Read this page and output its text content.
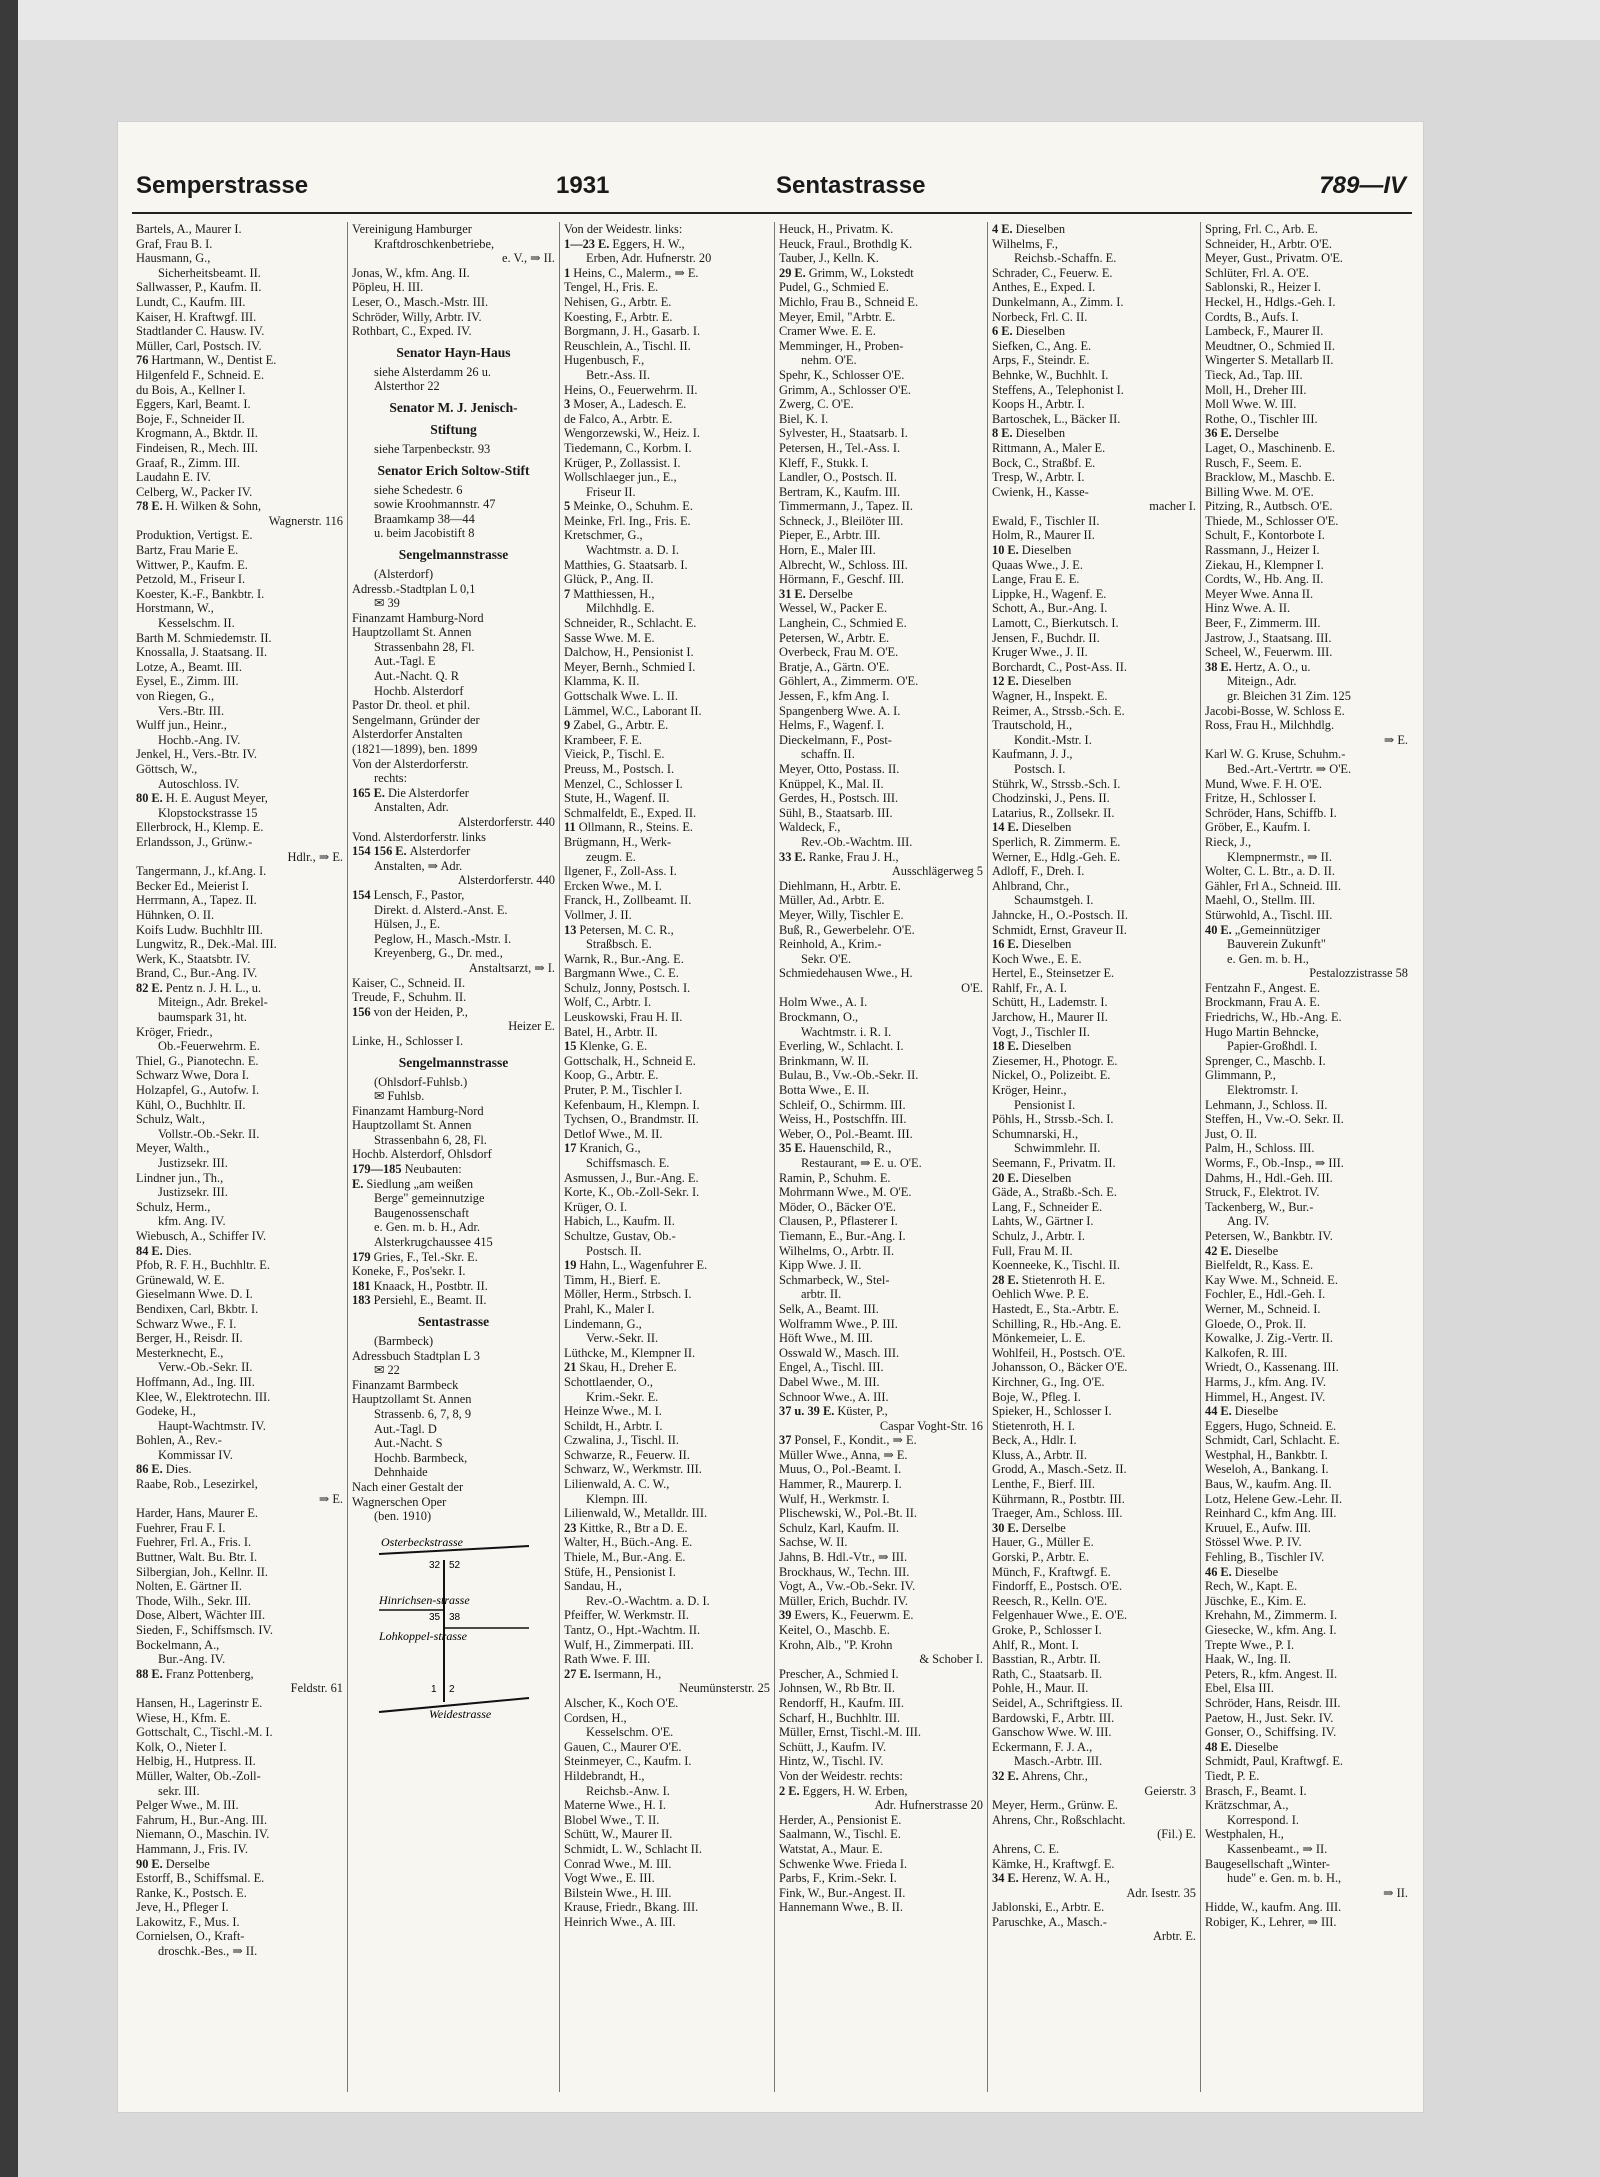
Semperstrasse	1931	Sentastrasse	789—IV
Bartels, A., Maurer I.
Graf, Frau B. I.
Hausmann, G.,
Sicherheitsbeamt. II.
Sallwasser, P., Kaufm. II.
Lundt, C., Kaufm. III.
Kaiser, H. Kraftwgf. III.
Stadtlander C. Hausw. IV.
Müller, Carl, Postsch. IV.
76 Hartmann, W., Dentist E.
Hilgenfeld F., Schneid. E.
du Bois, A., Kellner I.
Eggers, Karl, Beamt. I.
Boje, F., Schneider II.
Krogmann, A., Bktdr. II.
Findeisen, R., Mech. III.
Graaf, R., Zimm. III.
Laudahn E. IV.
Celberg, W., Packer IV.
78 E. H. Wilken & Sohn,
Wagnerstr. 116
Produktion, Vertigst. E.
Bartz, Frau Marie E.
Wittwer, P., Kaufm. E.
Petzold, M., Friseur I.
Koester, K.-F., Bankbtr. I.
Horstmann, W.,
Kesselschm. II.
Barth M. Schmiedemstr. II.
Knossalla, J. Staatsang. II.
Lotze, A., Beamt. III.
Eysel, E., Zimm. III.
von Riegen, G.,
Vers.-Btr. III.
Wulff jun., Heinr.,
Hochb.-Ang. IV.
Jenkel, H., Vers.-Btr. IV.
Göttsch, W.,
Autoschloss. IV.
80 E. H. E. August Meyer,
Klopstockstrasse 15
Ellerbrock, H., Klemp. E.
Erlandsson, J., Grünw.-
Hdlr., ⇒ E.
Tangermann, J., kf.Ang. I.
Becker Ed., Meierist I.
Herrmann, A., Tapez. II.
Hühnken, O. II.
Koifs Ludw. Buchhltr III.
Lungwitz, R., Dek.-Mal. III.
Werk, K., Staatsbtr. IV.
Brand, C., Bur.-Ang. IV.
82 E. Pentz n. J. H. L., u.
Miteign., Adr. Brekel-
baumspark 31, ht.
Kröger, Friedr.,
Ob.-Feuerwehrm. E.
Thiel, G., Pianotechn. E.
Schwarz Wwe, Dora I.
Holzapfel, G., Autofw. I.
Kühl, O., Buchhltr. II.
Schulz, Walt.,
Vollstr.-Ob.-Sekr. II.
Meyer, Walth.,
Justizsekr. III.
Lindner jun., Th.,
Justizsekr. III.
Schulz, Herm.,
kfm. Ang. IV.
Wiebusch, A., Schiffer IV.
84 E. Dies.
Pfob, R. F. H., Buchhltr. E.
Grünewald, W. E.
Gieselmann Wwe. D. I.
Bendixen, Carl, Bkbtr. I.
Schwarz Wwe., F. I.
Berger, H., Reisdr. II.
Mesterknecht, E.,
Verw.-Ob.-Sekr. II.
Hoffmann, Ad., Ing. III.
Klee, W., Elektrotechn. III.
Godeke, H.,
Haupt-Wachtmstr. IV.
Bohlen, A., Rev.-
Kommissar IV.
86 E. Dies.
Raabe, Rob., Lesezirkel,
⇒ E.
Harder, Hans, Maurer E.
Fuehrer, Frau F. I.
Fuehrer, Frl. A., Fris. I.
Buttner, Walt. Bu. Btr. I.
Silbergian, Joh., Kellnr. II.
Nolten, E. Gärtner II.
Thode, Wilh., Sekr. III.
Dose, Albert, Wächter III.
Sieden, F., Schiffsmsch. IV.
Bockelmann, A.,
Bur.-Ang. IV.
88 E. Franz Pottenberg,
Feldstr. 61
Hansen, H., Lagerinstr E.
Wiese, H., Kfm. E.
Gottschalt, C., Tischl.-M. I.
Kolk, O., Nieter I.
Helbig, H., Hutpress. II.
Müller, Walter, Ob.-Zoll-
sekr. III.
Pelger Wwe., M. III.
Fahrum, H., Bur.-Ang. III.
Niemann, O., Maschin. IV.
Hammann, J., Fris. IV.
90 E. Derselbe
Estorff, B., Schiffsmal. E.
Ranke, K., Postsch. E.
Jeve, H., Pfleger I.
Lakowitz, F., Mus. I.
Cornielsen, O., Kraft-
droschk.-Bes., ⇒ II.
Vereinigung Hamburger
Kraftdroschkenbetriebe,
e. V., ⇒ II.
Jonas, W., kfm. Ang. II.
Pöpleu, H. III.
Leser, O., Masch.-Mstr. III.
Schröder, Willy, Arbtr. IV.
Rothbart, C., Exped. IV.
Senator Hayn-Haus
siehe Alsterdamm 26 u.
Alsterthor 22
Senator M. J. Jenisch-
Stiftung
siehe Tarpenbeckstr. 93
Senator Erich Soltow-Stift
siehe Schedestr. 6
sowie Kroohmannstr. 47
Braamkamp 38—44
u. beim Jacobistift 8
Sengelmannstrasse
(Alsterdorf)
Adressb.-Stadtplan L 0,1
✉ 39
Finanzamt Hamburg-Nord
Hauptzollamt St. Annen
Strassenbahn 28, Fl.
Aut.-Tagl. E
Aut.-Nacht. Q. R
Hochb. Alsterdorf
Pastor Dr. theol. et phil.
Sengelmann, Gründer der
Alsterdorfer Anstalten
(1821—1899), ben. 1899
Von der Alsterdorferstr.
rechts:
165 E. Die Alsterdorfer
Anstalten, Adr.
Alsterdorferstr. 440
Vond. Alsterdorferstr. links
154 156 E. Alsterdorfer
Anstalten, ⇒ Adr.
Alsterdorferstr. 440
154 Lensch, F., Pastor,
Direkt. d. Alsterd.-Anst. E.
Hülsen, J., E.
Peglow, H., Masch.-Mstr. I.
Kreyenberg, G., Dr. med.,
Anstaltsarzt, ⇒ I.
Kaiser, C., Schneid. II.
Treude, F., Schuhm. II.
156 von der Heiden, P.,
Heizer E.
Linke, H., Schlosser I.
Sengelmannstrasse
(Ohlsdorf-Fuhlsb.)
✉ Fuhlsb.
Finanzamt Hamburg-Nord
Hauptzollamt St. Annen
Strassenbahn 6, 28, Fl.
Hochb. Alsterdorf, Ohlsdorf
179—185 Neubauten:
E. Siedlung „am weißen
Berge" gemeinnutzige
Baugenossenschaft
e. Gen. m. b. H., Adr.
Alsterkrugchaussee 415
179 Gries, F., Tel.-Skr. E.
Koneke, F., Pos'sekr. I.
181 Knaack, H., Postbtr. II.
183 Persiehl, E., Beamt. II.
Sentastrasse
(Barmbeck)
Adressbuch Stadtplan L 3
✉ 22
Finanzamt Barmbeck
Hauptzollamt St. Annen
Strassenb. 6, 7, 8, 9
Aut.-Tagl. D
Aut.-Nacht. S
Hochb. Barmbeck,
Dehnhaide
Nach einer Gestalt der
Wagnerschen Oper
(ben. 1910)
Osterbeckstrasse
Hinrichsen-strasse
Lohkoppel-strasse
Weidestrasse
32 52
35 38
1 2
Von der Weidestr. links:
1—23 E. Eggers, H. W.,
Erben, Adr. Hufnerstr. 20
1 Heins, C., Malerm., ⇒ E.
Tengel, H., Fris. E.
Nehisen, G., Arbtr. E.
Koesting, F., Arbtr. E.
Borgmann, J. H., Gasarb. I.
Reuschlein, A., Tischl. II.
Hugenbusch, F.,
Betr.-Ass. II.
Heins, O., Feuerwehrm. II.
3 Moser, A., Ladesch. E.
de Falco, A., Arbtr. E.
Wengorzewski, W., Heiz. I.
Tiedemann, C., Korbm. I.
Krüger, P., Zollassist. I.
Wollschlaeger jun., E.,
Friseur II.
5 Meinke, O., Schuhm. E.
Meinke, Frl. Ing., Fris. E.
Kretschmer, G.,
Wachtmstr. a. D. I.
Matthies, G. Staatsarb. I.
Glück, P., Ang. II.
7 Matthiessen, H.,
Milchhdlg. E.
Schneider, R., Schlacht. E.
Sasse Wwe. M. E.
Dalchow, H., Pensionist I.
Meyer, Bernh., Schmied I.
Klamma, K. II.
Gottschalk Wwe. L. II.
Lämmel, W.C., Laborant II.
9 Zabel, G., Arbtr. E.
Krambeer, F. E.
Vieick, P., Tischl. E.
Preuss, M., Postsch. I.
Menzel, C., Schlosser I.
Stute, H., Wagenf. II.
Schmalfeldt, E., Exped. II.
11 Ollmann, R., Steins. E.
Brügmann, H., Werk-
zeugm. E.
Ilgener, F., Zoll-Ass. I.
Ercken Wwe., M. I.
Franck, H., Zollbeamt. II.
Vollmer, J. II.
13 Petersen, M. C. R.,
Straßbsch. E.
Warnk, R., Bur.-Ang. E.
Bargmann Wwe., C. E.
Schulz, Jonny, Postsch. I.
Wolf, C., Arbtr. I.
Leuskowski, Frau H. II.
Batel, H., Arbtr. II.
15 Klenke, G. E.
Gottschalk, H., Schneid E.
Koop, G., Arbtr. E.
Pruter, P. M., Tischler I.
Kefenbaum, H., Klempn. I.
Tychsen, O., Brandmstr. II.
Detlof Wwe., M. II.
17 Kranich, G.,
Schiffsmasch. E.
Asmussen, J., Bur.-Ang. E.
Korte, K., Ob.-Zoll-Sekr. I.
Krüger, O. I.
Habich, L., Kaufm. II.
Schultze, Gustav, Ob.-
Postsch. II.
19 Hahn, L., Wagenfuhrer E.
Timm, H., Bierf. E.
Möller, Herm., Strbsch. I.
Prahl, K., Maler I.
Lindemann, G.,
Verw.-Sekr. II.
Lüthcke, M., Klempner II.
21 Skau, H., Dreher E.
Schottlaender, O.,
Krim.-Sekr. E.
Heinze Wwe., M. I.
Schildt, H., Arbtr. I.
Czwalina, J., Tischl. II.
Schwarze, R., Feuerw. II.
Schwarz, W., Werkmstr. III.
Lilienwald, A. C. W.,
Klempn. III.
Lilienwald, W., Metalldr. III.
23 Kittke, R., Btr a D. E.
Walter, H., Büch.-Ang. E.
Thiele, M., Bur.-Ang. E.
Stüfe, H., Pensionist I.
Sandau, H.,
Rev.-O.-Wachtm. a. D. I.
Pfeiffer, W. Werkmstr. II.
Tantz, O., Hpt.-Wachtm. II.
Wulf, H., Zimmerpati. III.
Rath Wwe. F. III.
27 E. Isermann, H.,
Neumünsterstr. 25
Alscher, K., Koch O'E.
Cordsen, H.,
Kesselschm. O'E.
Gauen, C., Maurer O'E.
Steinmeyer, C., Kaufm. I.
Hildebrandt, H.,
Reichsb.-Anw. I.
Materne Wwe., H. I.
Blobel Wwe., T. II.
Schütt, W., Maurer II.
Schmidt, L. W., Schlacht II.
Conrad Wwe., M. III.
Vogt Wwe., E. III.
Bilstein Wwe., H. III.
Krause, Friedr., Bkang. III.
Heinrich Wwe., A. III.
Heuck, H., Privatm. K.
Heuck, Fraul., Brothdlg K.
Tauber, J., Kelln. K.
29 E. Grimm, W., Lokstedt
Pudel, G., Schmied E.
Michlo, Frau B., Schneid E.
Meyer, Emil, "Arbtr. E.
Cramer Wwe. E. E.
Memminger, H., Proben-
nehm. O'E.
Spehr, K., Schlosser O'E.
Grimm, A., Schlosser O'E.
Zwerg, C. O'E.
Biel, K. I.
Sylvester, H., Staatsarb. I.
Petersen, H., Tel.-Ass. I.
Kleff, F., Stukk. I.
Landler, O., Postsch. II.
Bertram, K., Kaufm. III.
Timmermann, J., Tapez. II.
Schneck, J., Bleilöter III.
Pieper, E., Arbtr. III.
Horn, E., Maler III.
Albrecht, W., Schloss. III.
Hörmann, F., Geschf. III.
31 E. Derselbe
Wessel, W., Packer E.
Langhein, C., Schmied E.
Petersen, W., Arbtr. E.
Overbeck, Frau M. O'E.
Bratje, A., Gärtn. O'E.
Göhlert, A., Zimmerm. O'E.
Jessen, F., kfm Ang. I.
Spangenberg Wwe. A. I.
Helms, F., Wagenf. I.
Dieckelmann, F., Post-
schaffn. II.
Meyer, Otto, Postass. II.
Knüppel, K., Mal. II.
Gerdes, H., Postsch. III.
Sühl, B., Staatsarb. III.
Waldeck, F.,
Rev.-Ob.-Wachtm. III.
33 E. Ranke, Frau J. H.,
Ausschlägerweg 5
Diehlmann, H., Arbtr. E.
Müller, Ad., Arbtr. E.
Meyer, Willy, Tischler E.
Buß, R., Gewerbelehr. O'E.
Reinhold, A., Krim.-
Sekr. O'E.
Schmiedehausen Wwe., H.
O'E.
Holm Wwe., A. I.
Brockmann, O.,
Wachtmstr. i. R. I.
Everling, W., Schlacht. I.
Brinkmann, W. II.
Bulau, B., Vw.-Ob.-Sekr. II.
Botta Wwe., E. II.
Schleif, O., Schirmm. III.
Weiss, H., Postschffn. III.
Weber, O., Pol.-Beamt. III.
35 E. Hauenschild, R.,
Restaurant, ⇒ E. u. O'E.
Ramin, P., Schuhm. E.
Mohrmann Wwe., M. O'E.
Möder, O., Bäcker O'E.
Clausen, P., Pflasterer I.
Tiemann, E., Bur.-Ang. I.
Wilhelms, O., Arbtr. II.
Kipp Wwe. J. II.
Schmarbeck, W., Stel-
arbtr. II.
Selk, A., Beamt. III.
Wolframm Wwe., P. III.
Höft Wwe., M. III.
Osswald W., Masch. III.
Engel, A., Tischl. III.
Dabel Wwe., M. III.
Schnoor Wwe., A. III.
37 u. 39 E. Küster, P.,
Caspar Voght-Str. 16
37 Ponsel, F., Kondit., ⇒ E.
Müller Wwe., Anna, ⇒ E.
Muus, O., Pol.-Beamt. I.
Hammer, R., Maurerp. I.
Wulf, H., Werkmstr. I.
Plischewski, W., Pol.-Bt. II.
Schulz, Karl, Kaufm. II.
Sachse, W. II.
Jahns, B. Hdl.-Vtr., ⇒ III.
Brockhaus, W., Techn. III.
Vogt, A., Vw.-Ob.-Sekr. IV.
Müller, Erich, Buchdr. IV.
39 Ewers, K., Feuerwm. E.
Keitel, O., Maschb. E.
Krohn, Alb., "P. Krohn
& Schober I.
Prescher, A., Schmied I.
Johnsen, W., Rb Btr. II.
Rendorff, H., Kaufm. III.
Scharf, H., Buchhltr. III.
Müller, Ernst, Tischl.-M. III.
Schütt, J., Kaufm. IV.
Hintz, W., Tischl. IV.
Von der Weidestr. rechts:
2 E. Eggers, H. W. Erben,
Adr. Hufnerstrasse 20
Herder, A., Pensionist E.
Saalmann, W., Tischl. E.
Watstat, A., Maur. E.
Schwenke Wwe. Frieda I.
Parbs, F., Krim.-Sekr. I.
Fink, W., Bur.-Angest. II.
Hannemann Wwe., B. II.
4 E. Dieselben
Wilhelms, F.,
Reichsb.-Schaffn. E.
Schrader, C., Feuerw. E.
Anthes, E., Exped. I.
Dunkelmann, A., Zimm. I.
Norbeck, Frl. C. II.
6 E. Dieselben
Siefken, C., Ang. E.
Arps, F., Steindr. E.
Behnke, W., Buchhlt. I.
Steffens, A., Telephonist I.
Koops H., Arbtr. I.
Bartoschek, L., Bäcker II.
8 E. Dieselben
Rittmann, A., Maler E.
Bock, C., Straßbf. E.
Tresp, W., Arbtr. I.
Cwienk, H., Kasse-
macher I.
Ewald, F., Tischler II.
Holm, R., Maurer II.
10 E. Dieselben
Quaas Wwe., J. E.
Lange, Frau E. E.
Lippke, H., Wagenf. E.
Schott, A., Bur.-Ang. I.
Lamott, C., Bierkutsch. I.
Jensen, F., Buchdr. II.
Kruger Wwe., J. II.
Borchardt, C., Post-Ass. II.
12 E. Dieselben
Wagner, H., Inspekt. E.
Reimer, A., Strssb.-Sch. E.
Trautschold, H.,
Kondit.-Mstr. I.
Kaufmann, J. J.,
Postsch. I.
Stührk, W., Strssb.-Sch. I.
Chodzinski, J., Pens. II.
Latarius, R., Zollsekr. II.
14 E. Dieselben
Sperlich, R. Zimmerm. E.
Werner, E., Hdlg.-Geh. E.
Adloff, F., Dreh. I.
Ahlbrand, Chr.,
Schaumstgeh. I.
Jahncke, H., O.-Postsch. II.
Schmidt, Ernst, Graveur II.
16 E. Dieselben
Koch Wwe., E. E.
Hertel, E., Steinsetzer E.
Rahlf, Fr., A. I.
Schütt, H., Lademstr. I.
Jarchow, H., Maurer II.
Vogt, J., Tischler II.
18 E. Dieselben
Ziesemer, H., Photogr. E.
Nickel, O., Polizeibt. E.
Kröger, Heinr.,
Pensionist I.
Pöhls, H., Strssb.-Sch. I.
Schumnarski, H.,
Schwimmlehr. II.
Seemann, F., Privatm. II.
20 E. Dieselben
Gäde, A., Straßb.-Sch. E.
Lang, F., Schneider E.
Lahts, W., Gärtner I.
Schulz, J., Arbtr. I.
Full, Frau M. II.
Koenneeke, K., Tischl. II.
28 E. Stietenroth H. E.
Oehlich Wwe. P. E.
Hastedt, E., Sta.-Arbtr. E.
Schilling, R., Hb.-Ang. E.
Mönkemeier, L. E.
Wohlfeil, H., Postsch. O'E.
Johansson, O., Bäcker O'E.
Kirchner, G., Ing. O'E.
Boje, W., Pfleg. I.
Spieker, H., Schlosser I.
Stietenroth, H. I.
Beck, A., Hdlr. I.
Kluss, A., Arbtr. II.
Grodd, A., Masch.-Setz. II.
Lenthe, F., Bierf. III.
Kührmann, R., Postbtr. III.
Traeger, Am., Schloss. III.
30 E. Derselbe
Hauer, G., Müller E.
Gorski, P., Arbtr. E.
Münch, F., Kraftwgf. E.
Findorff, E., Postsch. O'E.
Reesch, R., Kelln. O'E.
Felgenhauer Wwe., E. O'E.
Groke, P., Schlosser I.
Ahlf, R., Mont. I.
Basstian, R., Arbtr. II.
Rath, C., Staatsarb. II.
Pohle, H., Maur. II.
Seidel, A., Schriftgiess. II.
Bardowski, F., Arbtr. III.
Ganschow Wwe. W. III.
Eckermann, F. J. A.,
Masch.-Arbtr. III.
32 E. Ahrens, Chr.,
Geierstr. 3
Meyer, Herm., Grünw. E.
Ahrens, Chr., Roßschlacht.
(Fil.) E.
Ahrens, C. E.
Kämke, H., Kraftwgf. E.
34 E. Herenz, W. A. H.,
Adr. Isestr. 35
Jablonski, E., Arbtr. E.
Paruschke, A., Masch.-
Arbtr. E.
Spring, Frl. C., Arb. E.
Schneider, H., Arbtr. O'E.
Meyer, Gust., Privatm. O'E.
Schlüter, Frl. A. O'E.
Sablonski, R., Heizer I.
Heckel, H., Hdlgs.-Geh. I.
Cordts, B., Aufs. I.
Lambeck, F., Maurer II.
Meudtner, O., Schmied II.
Wingerter S. Metallarb II.
Tieck, Ad., Tap. III.
Moll, H., Dreher III.
Moll Wwe. W. III.
Rothe, O., Tischler III.
36 E. Derselbe
Laget, O., Maschinenb. E.
Rusch, F., Seem. E.
Bracklow, M., Maschb. E.
Billing Wwe. M. O'E.
Pitzing, R., Autbsch. O'E.
Thiede, M., Schlosser O'E.
Schult, F., Kontorbote I.
Rassmann, J., Heizer I.
Ziekau, H., Klempner I.
Cordts, W., Hb. Ang. II.
Meyer Wwe. Anna II.
Hinz Wwe. A. II.
Beer, F., Zimmerm. III.
Jastrow, J., Staatsang. III.
Scheel, W., Feuerwm. III.
38 E. Hertz, A. O., u.
Miteign., Adr.
gr. Bleichen 31 Zim. 125
Jacobi-Bosse, W. Schloss E.
Ross, Frau H., Milchhdlg.
⇒ E.
Karl W. G. Kruse, Schuhm.-
Bed.-Art.-Vertrtr. ⇒ O'E.
Mund, Wwe. F. H. O'E.
Fritze, H., Schlosser I.
Schröder, Hans, Schiffb. I.
Gröber, E., Kaufm. I.
Rieck, J.,
Klempnermstr., ⇒ II.
Wolter, C. L. Btr., a. D. II.
Gähler, Frl A., Schneid. III.
Maehl, O., Stellm. III.
Stürwohld, A., Tischl. III.
40 E. „Gemeinnütziger
Bauverein Zukunft"
e. Gen. m. b. H.,
Pestalozzistrasse 58
Fentzahn F., Angest. E.
Brockmann, Frau A. E.
Friedrichs, W., Hb.-Ang. E.
Hugo Martin Behncke,
Papier-Großhdl. I.
Sprenger, C., Maschb. I.
Glimmann, P.,
Elektromstr. I.
Lehmann, J., Schloss. II.
Steffen, H., Vw.-O. Sekr. II.
Just, O. II.
Palm, H., Schloss. III.
Worms, F., Ob.-Insp., ⇒ III.
Dahms, H., Hdl.-Geh. III.
Struck, F., Elektrot. IV.
Tackenberg, W., Bur.-
Ang. IV.
Petersen, W., Bankbtr. IV.
42 E. Dieselbe
Bielfeldt, R., Kass. E.
Kay Wwe. M., Schneid. E.
Fochler, E., Hdl.-Geh. I.
Werner, M., Schneid. I.
Gloede, O., Prok. II.
Kowalke, J. Zig.-Vertr. II.
Kalkofen, R. III.
Wriedt, O., Kassenang. III.
Harms, J., kfm. Ang. IV.
Himmel, H., Angest. IV.
44 E. Dieselbe
Eggers, Hugo, Schneid. E.
Schmidt, Carl, Schlacht. E.
Westphal, H., Bankbtr. I.
Weseloh, A., Bankang. I.
Baus, W., kaufm. Ang. II.
Lotz, Helene Gew.-Lehr. II.
Reinhard C., kfm Ang. III.
Kruuel, E., Aufw. III.
Stössel Wwe. P. IV.
Fehling, B., Tischler IV.
46 E. Dieselbe
Rech, W., Kapt. E.
Jüschke, E., Kim. E.
Krehahn, M., Zimmerm. I.
Giesecke, W., kfm. Ang. I.
Trepte Wwe., P. I.
Haak, W., Ing. II.
Peters, R., kfm. Angest. II.
Ebel, Elsa III.
Schröder, Hans, Reisdr. III.
Paetow, H., Just. Sekr. IV.
Gonser, O., Schiffsing. IV.
48 E. Dieselbe
Schmidt, Paul, Kraftwgf. E.
Tiedt, P. E.
Brasch, F., Beamt. I.
Krätzschmar, A.,
Korrespond. I.
Westphalen, H.,
Kassenbeamt., ⇒ II.
Baugesellschaft „Winter-
hude" e. Gen. m. b. H.,
⇒ II.
Hidde, W., kaufm. Ang. III.
Robiger, K., Lehrer, ⇒ III.
